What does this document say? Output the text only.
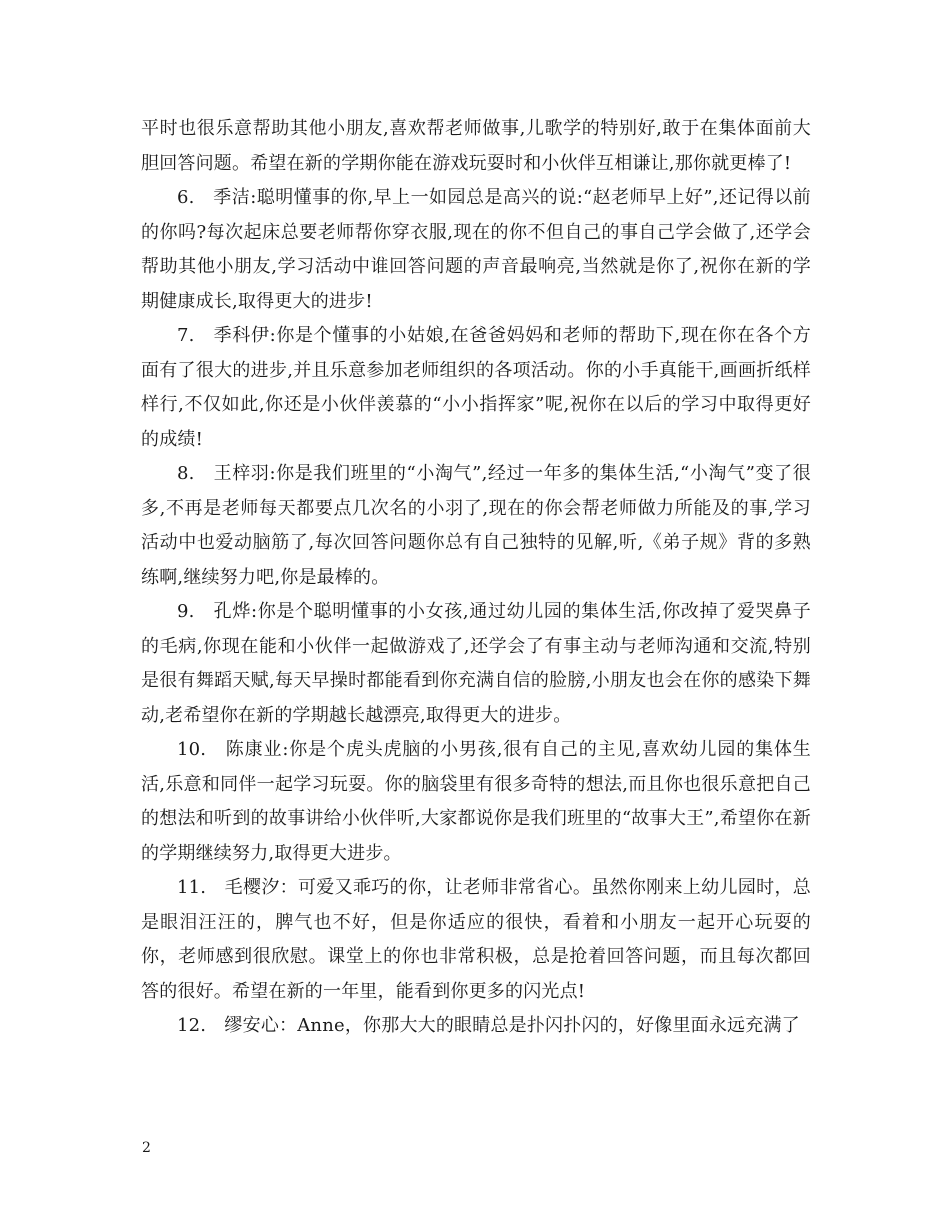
平时也很乐意帮助其他小朋友,喜欢帮老师做事,儿歌学的特别好,敢于在集体面前大胆回答问题。希望在新的学期你能在游戏玩耍时和小伙伴互相谦让,那你就更棒了!

6.　季洁:聪明懂事的你,早上一如园总是高兴的说:“赵老师早上好”,还记得以前的你吗?每次起床总要老师帮你穿衣服,现在的你不但自己的事自己学会做了,还学会帮助其他小朋友,学习活动中谁回答问题的声音最响亮,当然就是你了,祝你在新的学期健康成长,取得更大的进步!

7.　季科伊:你是个懂事的小姑娘,在爸爸妈妈和老师的帮助下,现在你在各个方面有了很大的进步,并且乐意参加老师组织的各项活动。你的小手真能干,画画折纸样样行,不仅如此,你还是小伙伴羡慕的“小小指挥家”呢,祝你在以后的学习中取得更好的成绩!

8.　王梓羽:你是我们班里的“小淘气”,经过一年多的集体生活,“小淘气”变了很多,不再是老师每天都要点几次名的小羽了,现在的你会帮老师做力所能及的事,学习活动中也爱动脑筋了,每次回答问题你总有自己独特的见解,听,《弟子规》背的多熟练啊,继续努力吧,你是最棒的。

9.　孔烨:你是个聪明懂事的小女孩,通过幼儿园的集体生活,你改掉了爱哭鼻子的毛病,你现在能和小伙伴一起做游戏了,还学会了有事主动与老师沟通和交流,特别是很有舞蹈天赋,每天早操时都能看到你充满自信的脸膀,小朋友也会在你的感染下舞动,老希望你在新的学期越长越漂亮,取得更大的进步。

10.　陈康业:你是个虎头虎脑的小男孩,很有自己的主见,喜欢幼儿园的集体生活,乐意和同伴一起学习玩耍。你的脑袋里有很多奇特的想法,而且你也很乐意把自己的想法和听到的故事讲给小伙伴听,大家都说你是我们班里的“故事大王”,希望你在新的学期继续努力,取得更大进步。

11.　毛樱汐：可爱又乖巧的你，让老师非常省心。虽然你刚来上幼儿园时，总是眼泪汪汪的，脾气也不好，但是你适应的很快，看着和小朋友一起开心玩耍的你，老师感到很欣慰。课堂上的你也非常积极，总是抢着回答问题，而且每次都回答的很好。希望在新的一年里，能看到你更多的闪光点!

12.　缪安心：Anne，你那大大的眼睛总是扑闪扑闪的，好像里面永远充满了

2
